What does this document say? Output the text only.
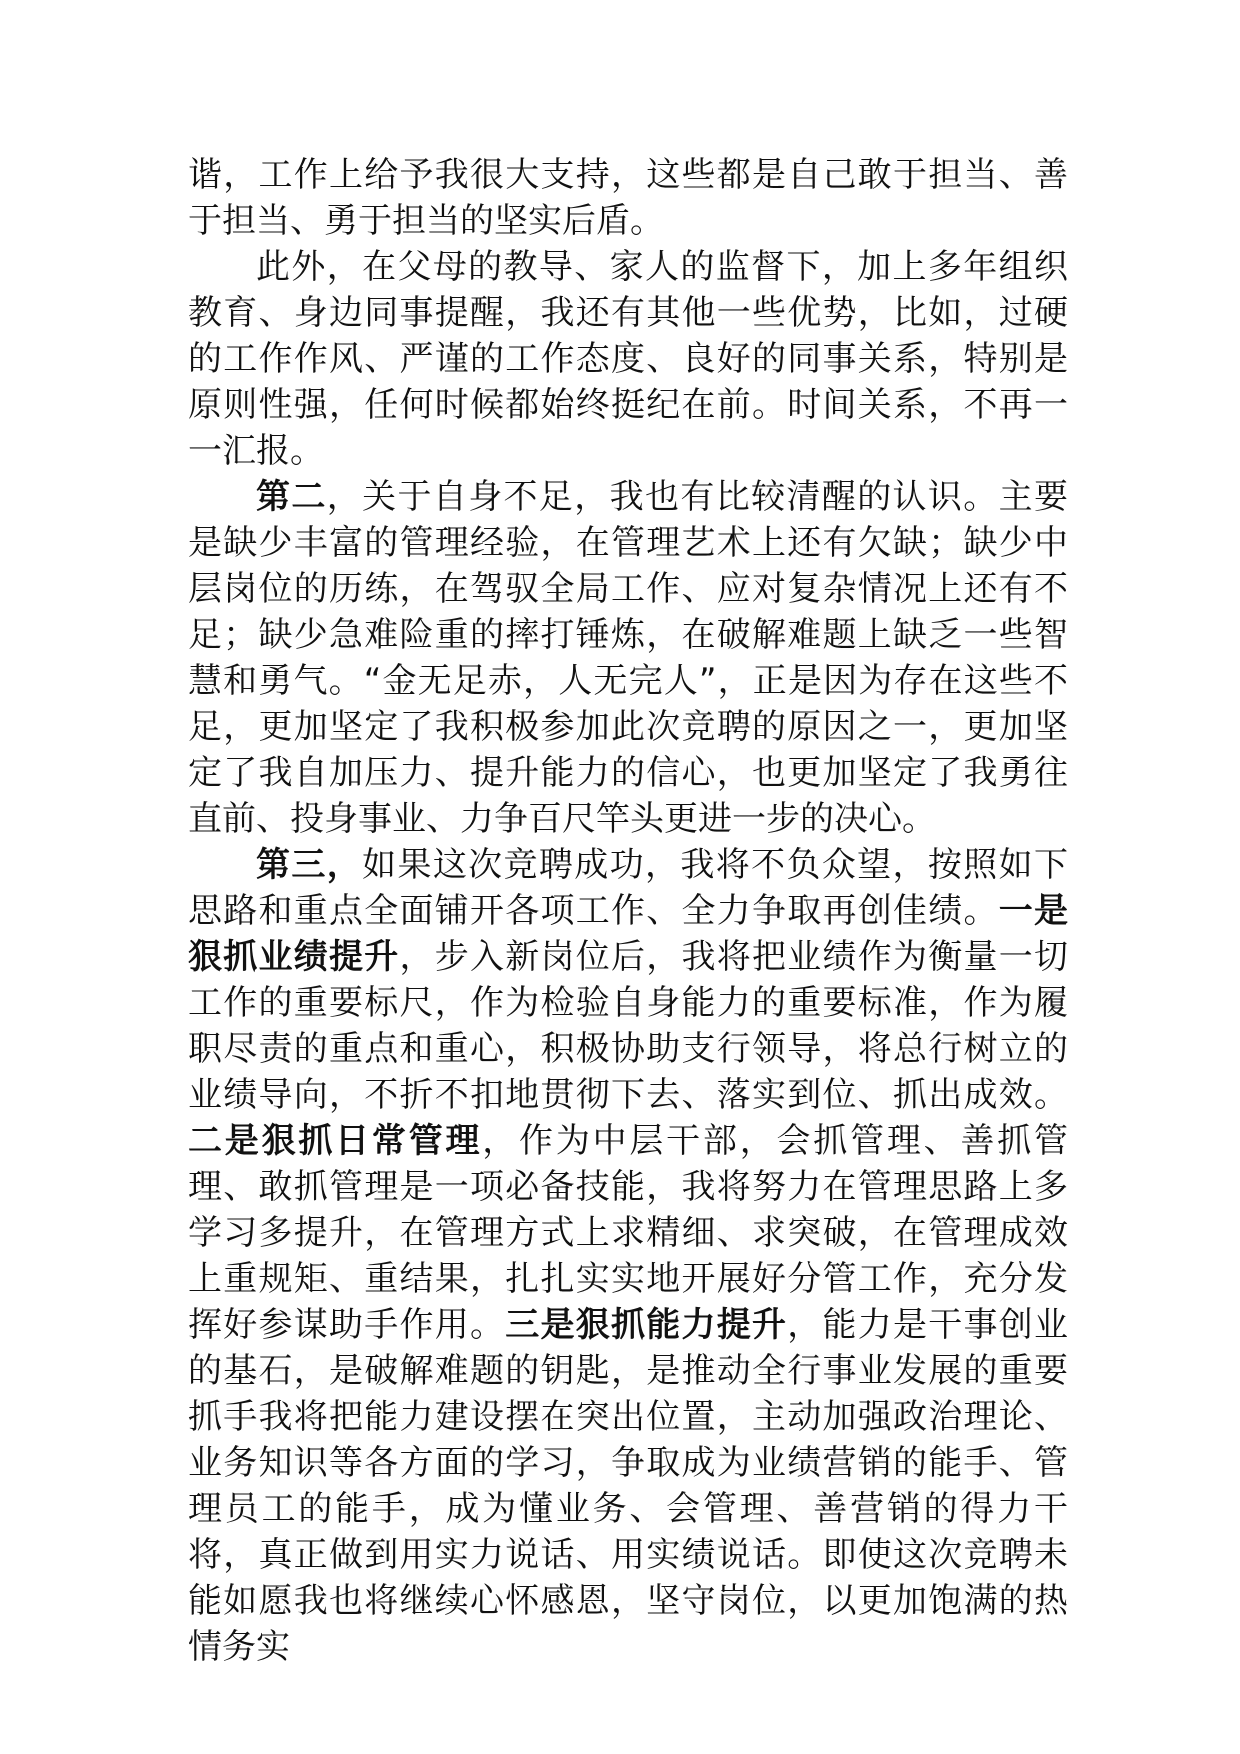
谐，工作上给予我很大支持，这些都是自己敢于担当、善于担当、勇于担当的坚实后盾。

此外，在父母的教导、家人的监督下，加上多年组织教育、身边同事提醒，我还有其他一些优势，比如，过硬的工作作风、严谨的工作态度、良好的同事关系，特别是原则性强，任何时候都始终挺纪在前。时间关系，不再一一汇报。

第二，关于自身不足，我也有比较清醒的认识。主要是缺少丰富的管理经验，在管理艺术上还有欠缺；缺少中层岗位的历练，在驾驭全局工作、应对复杂情况上还有不足；缺少急难险重的摔打锤炼，在破解难题上缺乏一些智慧和勇气。“金无足赤，人无完人”，正是因为存在这些不足，更加坚定了我积极参加此次竞聘的原因之一，更加坚定了我自加压力、提升能力的信心，也更加坚定了我勇往直前、投身事业、力争百尺竿头更进一步的决心。

第三，如果这次竞聘成功，我将不负众望，按照如下思路和重点全面铺开各项工作、全力争取再创佳绩。一是狠抓业绩提升，步入新岗位后，我将把业绩作为衡量一切工作的重要标尺，作为检验自身能力的重要标准，作为履职尽责的重点和重心，积极协助支行领导，将总行树立的业绩导向，不折不扣地贯彻下去、落实到位、抓出成效。二是狠抓日常管理，作为中层干部，会抓管理、善抓管理、敢抓管理是一项必备技能，我将努力在管理思路上多学习多提升，在管理方式上求精细、求突破，在管理成效上重规矩、重结果，扎扎实实地开展好分管工作，充分发挥好参谋助手作用。三是狠抓能力提升，能力是干事创业的基石，是破解难题的钥匙，是推动全行事业发展的重要抓手我将把能力建设摆在突出位置，主动加强政治理论、业务知识等各方面的学习，争取成为业绩营销的能手、管理员工的能手，成为懂业务、会管理、善营销的得力干将，真正做到用实力说话、用实绩说话。即使这次竞聘未能如愿我也将继续心怀感恩，坚守岗位，以更加饱满的热情务实
